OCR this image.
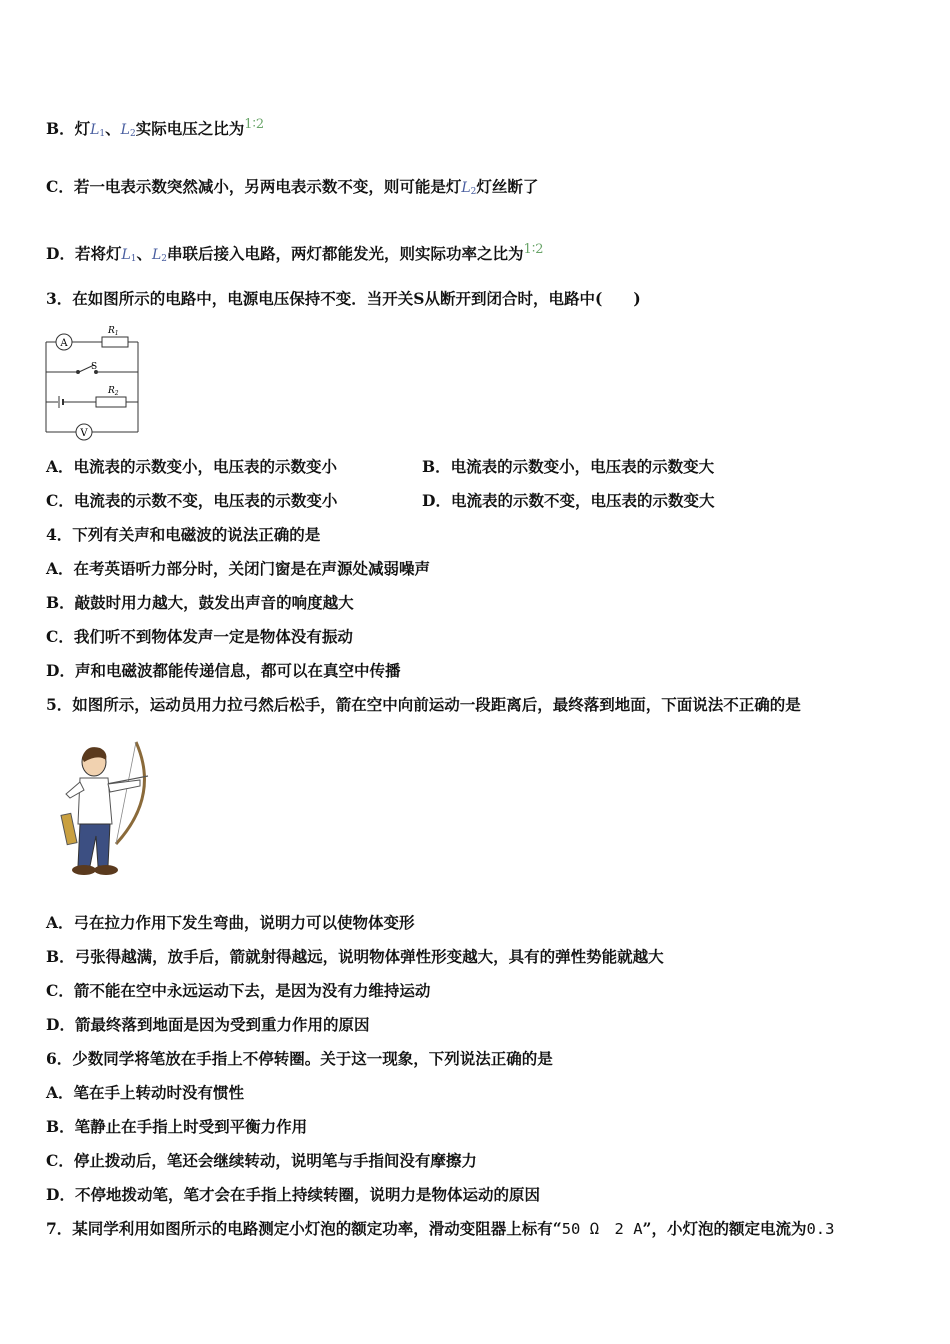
B．灯$L_1$、$L_2$实际电压之比为$^{1∶2}$
C．若一电表示数突然减小，另两电表示数不变，则可能是灯$L_2$灯丝断了
D．若将灯$L_1$、$L_2$串联后接入电路，两灯都能发光，则实际功率之比为$^{1∶2}$
3．在如图所示的电路中，电源电压保持不变．当开关S从断开到闭合时，电路中(　　)
A
V
S
$R_1$
$R_2$
A．电流表的示数变小，电压表的示数变小	B．电流表的示数变小，电压表的示数变大
C．电流表的示数不变，电压表的示数变小	D．电流表的示数不变，电压表的示数变大
4．下列有关声和电磁波的说法正确的是
A．在考英语听力部分时，关闭门窗是在声源处减弱噪声
B．敲鼓时用力越大，鼓发出声音的响度越大
C．我们听不到物体发声一定是物体没有振动
D．声和电磁波都能传递信息，都可以在真空中传播
5．如图所示，运动员用力拉弓然后松手，箭在空中向前运动一段距离后，最终落到地面，下面说法不正确的是
A．弓在拉力作用下发生弯曲，说明力可以使物体变形
B．弓张得越满，放手后，箭就射得越远，说明物体弹性形变越大，具有的弹性势能就越大
C．箭不能在空中永远运动下去，是因为没有力维持运动
D．箭最终落到地面是因为受到重力作用的原因
6．少数同学将笔放在手指上不停转圈。关于这一现象，下列说法正确的是
A．笔在手上转动时没有惯性
B．笔静止在手指上时受到平衡力作用
C．停止拨动后，笔还会继续转动，说明笔与手指间没有摩擦力
D．不停地拨动笔，笔才会在手指上持续转圈，说明力是物体运动的原因
7．某同学利用如图所示的电路测定小灯泡的额定功率，滑动变阻器上标有“50 Ω　2 A”，小灯泡的额定电流为0.3
